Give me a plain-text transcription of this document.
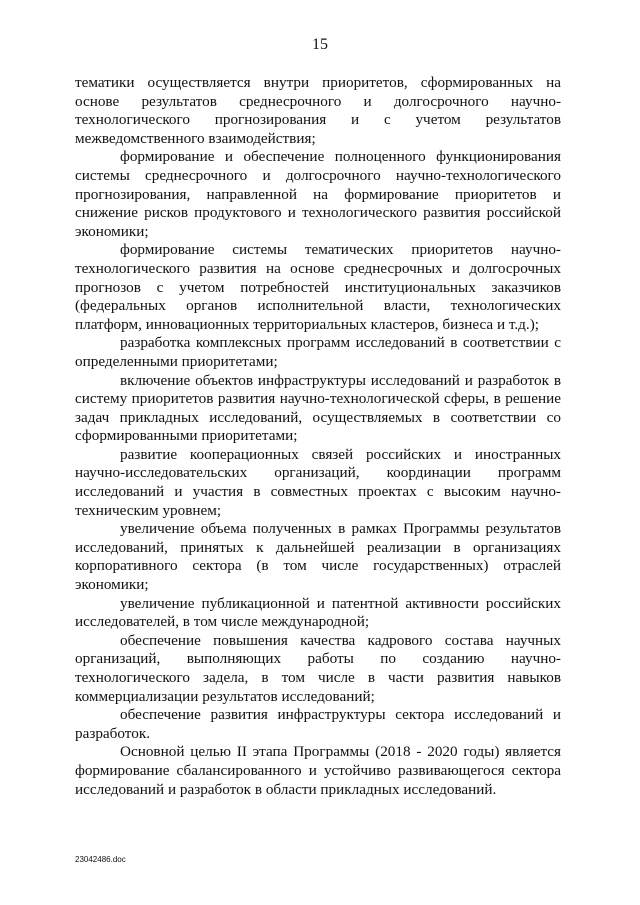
15

тематики осуществляется внутри приоритетов, сформированных на основе результатов среднесрочного и долгосрочного научно-технологического прогнозирования и с учетом результатов межведомственного взаимодействия;

формирование и обеспечение полноценного функционирования системы среднесрочного и долгосрочного научно-технологического прогнозирования, направленной на формирование приоритетов и снижение рисков продуктового и технологического развития российской экономики;

формирование системы тематических приоритетов научно-технологического развития на основе среднесрочных и долгосрочных прогнозов с учетом потребностей институциональных заказчиков (федеральных органов исполнительной власти, технологических платформ, инновационных территориальных кластеров, бизнеса и т.д.);

разработка комплексных программ исследований в соответствии с определенными приоритетами;

включение объектов инфраструктуры исследований и разработок в систему приоритетов развития научно-технологической сферы, в решение задач прикладных исследований, осуществляемых в соответствии со сформированными приоритетами;

развитие кооперационных связей российских и иностранных научно-исследовательских организаций, координации программ исследований и участия в совместных проектах с высоким научно-техническим уровнем;

увеличение объема полученных в рамках Программы результатов исследований, принятых к дальнейшей реализации в организациях корпоративного сектора (в том числе государственных) отраслей экономики;

увеличение публикационной и патентной активности российских исследователей, в том числе международной;

обеспечение повышения качества кадрового состава научных организаций, выполняющих работы по созданию научно-технологического задела, в том числе в части развития навыков коммерциализации результатов исследований;

обеспечение развития инфраструктуры сектора исследований и разработок.

Основной целью II этапа Программы (2018 - 2020 годы) является формирование сбалансированного и устойчиво развивающегося сектора исследований и разработок в области прикладных исследований.

23042486.doc
